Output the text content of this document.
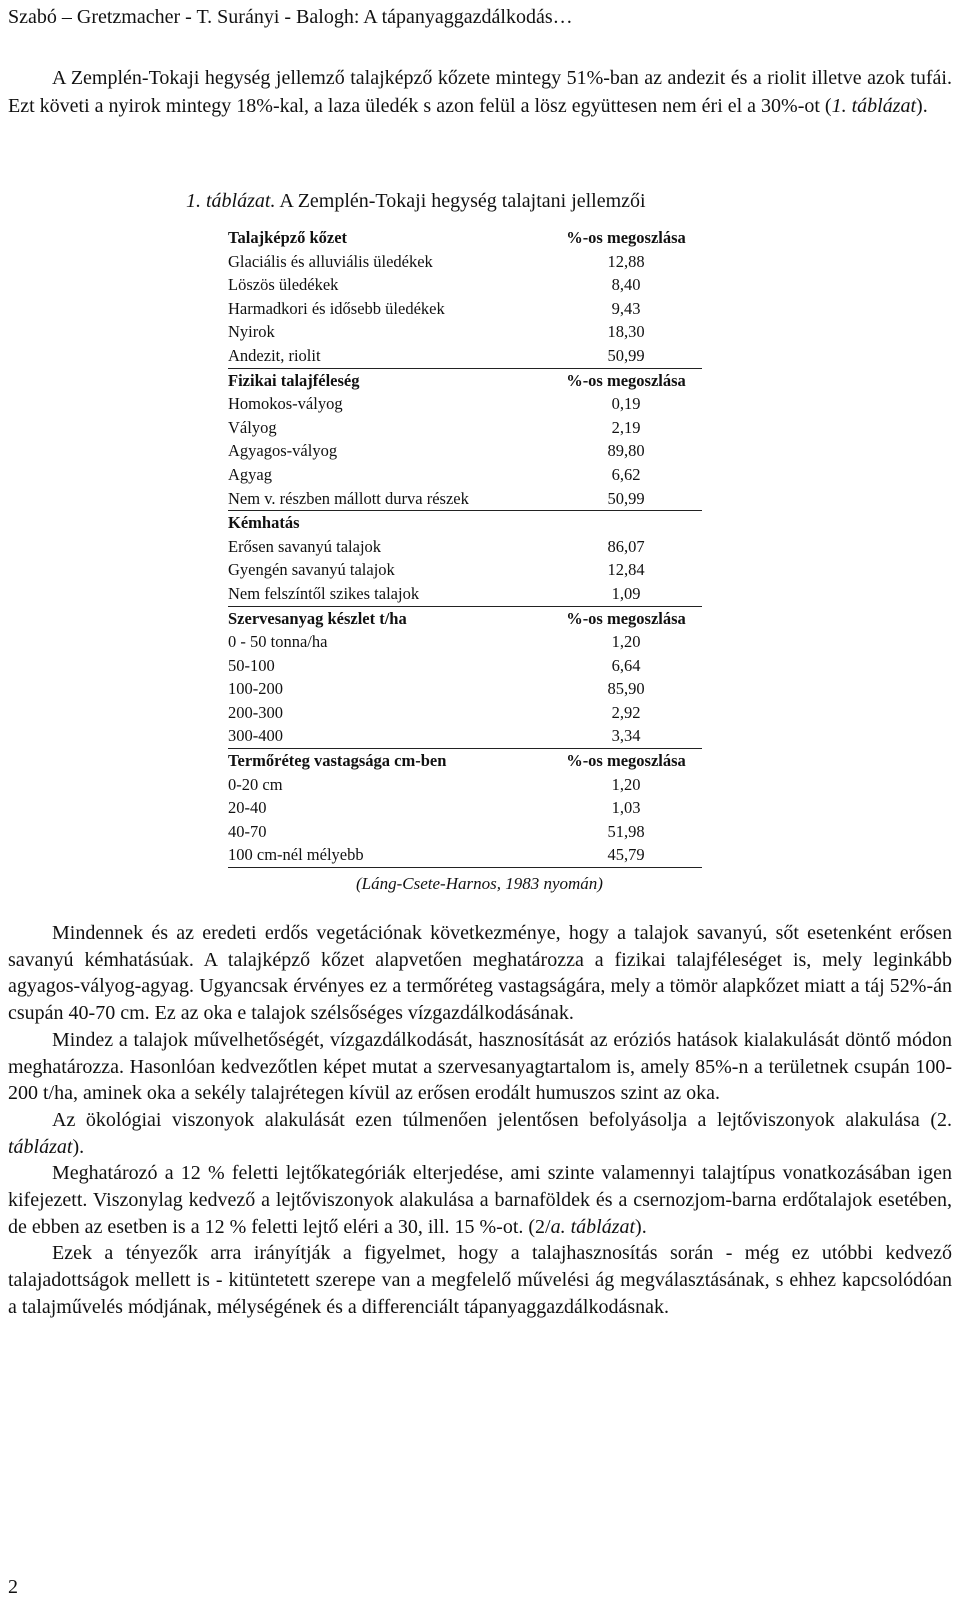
Szabó – Gretzmacher - T. Surányi - Balogh: A tápanyaggazdálkodás…

A Zemplén-Tokaji hegység jellemző talajképző kőzete mintegy 51%-ban az andezit és a riolit illetve azok tufái. Ezt követi a nyirok mintegy 18%-kal, a laza üledék s azon felül a lösz együttesen nem éri el a 30%-ot (1. táblázat).

1. táblázat. A Zemplén-Tokaji hegység talajtani jellemzői
Talajképző kőzet	%-os megoszlása
Glaciális és alluviális üledékek	12,88
Löszös üledékek	8,40
Harmadkori és idősebb üledékek	9,43
Nyirok	18,30
Andezit, riolit	50,99
Fizikai talajféleség	%-os megoszlása
Homokos-vályog	0,19
Vályog	2,19
Agyagos-vályog	89,80
Agyag	6,62
Nem v. részben mállott durva részek	50,99
Kémhatás	
Erősen savanyú talajok	86,07
Gyengén savanyú talajok	12,84
Nem felszíntől szikes talajok	1,09
Szervesanyag készlet t/ha	%-os megoszlása
0 - 50 tonna/ha	1,20
50-100	6,64
100-200	85,90
200-300	2,92
300-400	3,34
Termőréteg vastagsága cm-ben	%-os megoszlása
0-20 cm	1,20
20-40	1,03
40-70	51,98
100 cm-nél mélyebb	45,79
(Láng-Csete-Harnos, 1983 nyomán)

Mindennek és az eredeti erdős vegetációnak következménye, hogy a talajok savanyú, sőt esetenként erősen savanyú kémhatásúak. A talajképző kőzet alapvetően meghatározza a fizikai talajféleséget is, mely leginkább agyagos-vályog-agyag. Ugyancsak érvényes ez a termőréteg vastagságára, mely a tömör alapkőzet miatt a táj 52%-án csupán 40-70 cm. Ez az oka e talajok szélsőséges vízgazdálkodásának.

Mindez a talajok művelhetőségét, vízgazdálkodását, hasznosítását az eróziós hatások kialakulását döntő módon meghatározza. Hasonlóan kedvezőtlen képet mutat a szervesanyagtartalom is, amely 85%-n a területnek csupán 100-200 t/ha, aminek oka a sekély talajrétegen kívül az erősen erodált humuszos szint az oka.

Az ökológiai viszonyok alakulását ezen túlmenően jelentősen befolyásolja a lejtőviszonyok alakulása (2. táblázat).

Meghatározó a 12 % feletti lejtőkategóriák elterjedése, ami szinte valamennyi talajtípus vonatkozásában igen kifejezett. Viszonylag kedvező a lejtőviszonyok alakulása a barnaföldek és a csernozjom-barna erdőtalajok esetében, de ebben az esetben is a 12 % feletti lejtő eléri a 30, ill. 15 %-ot. (2/a. táblázat).

Ezek a tényezők arra irányítják a figyelmet, hogy a talajhasznosítás során - még ez utóbbi kedvező talajadottságok mellett is - kitüntetett szerepe van a megfelelő művelési ág megválasztásának, s ehhez kapcsolódóan a talajművelés módjának, mélységének és a differenciált tápanyaggazdálkodásnak.

2
